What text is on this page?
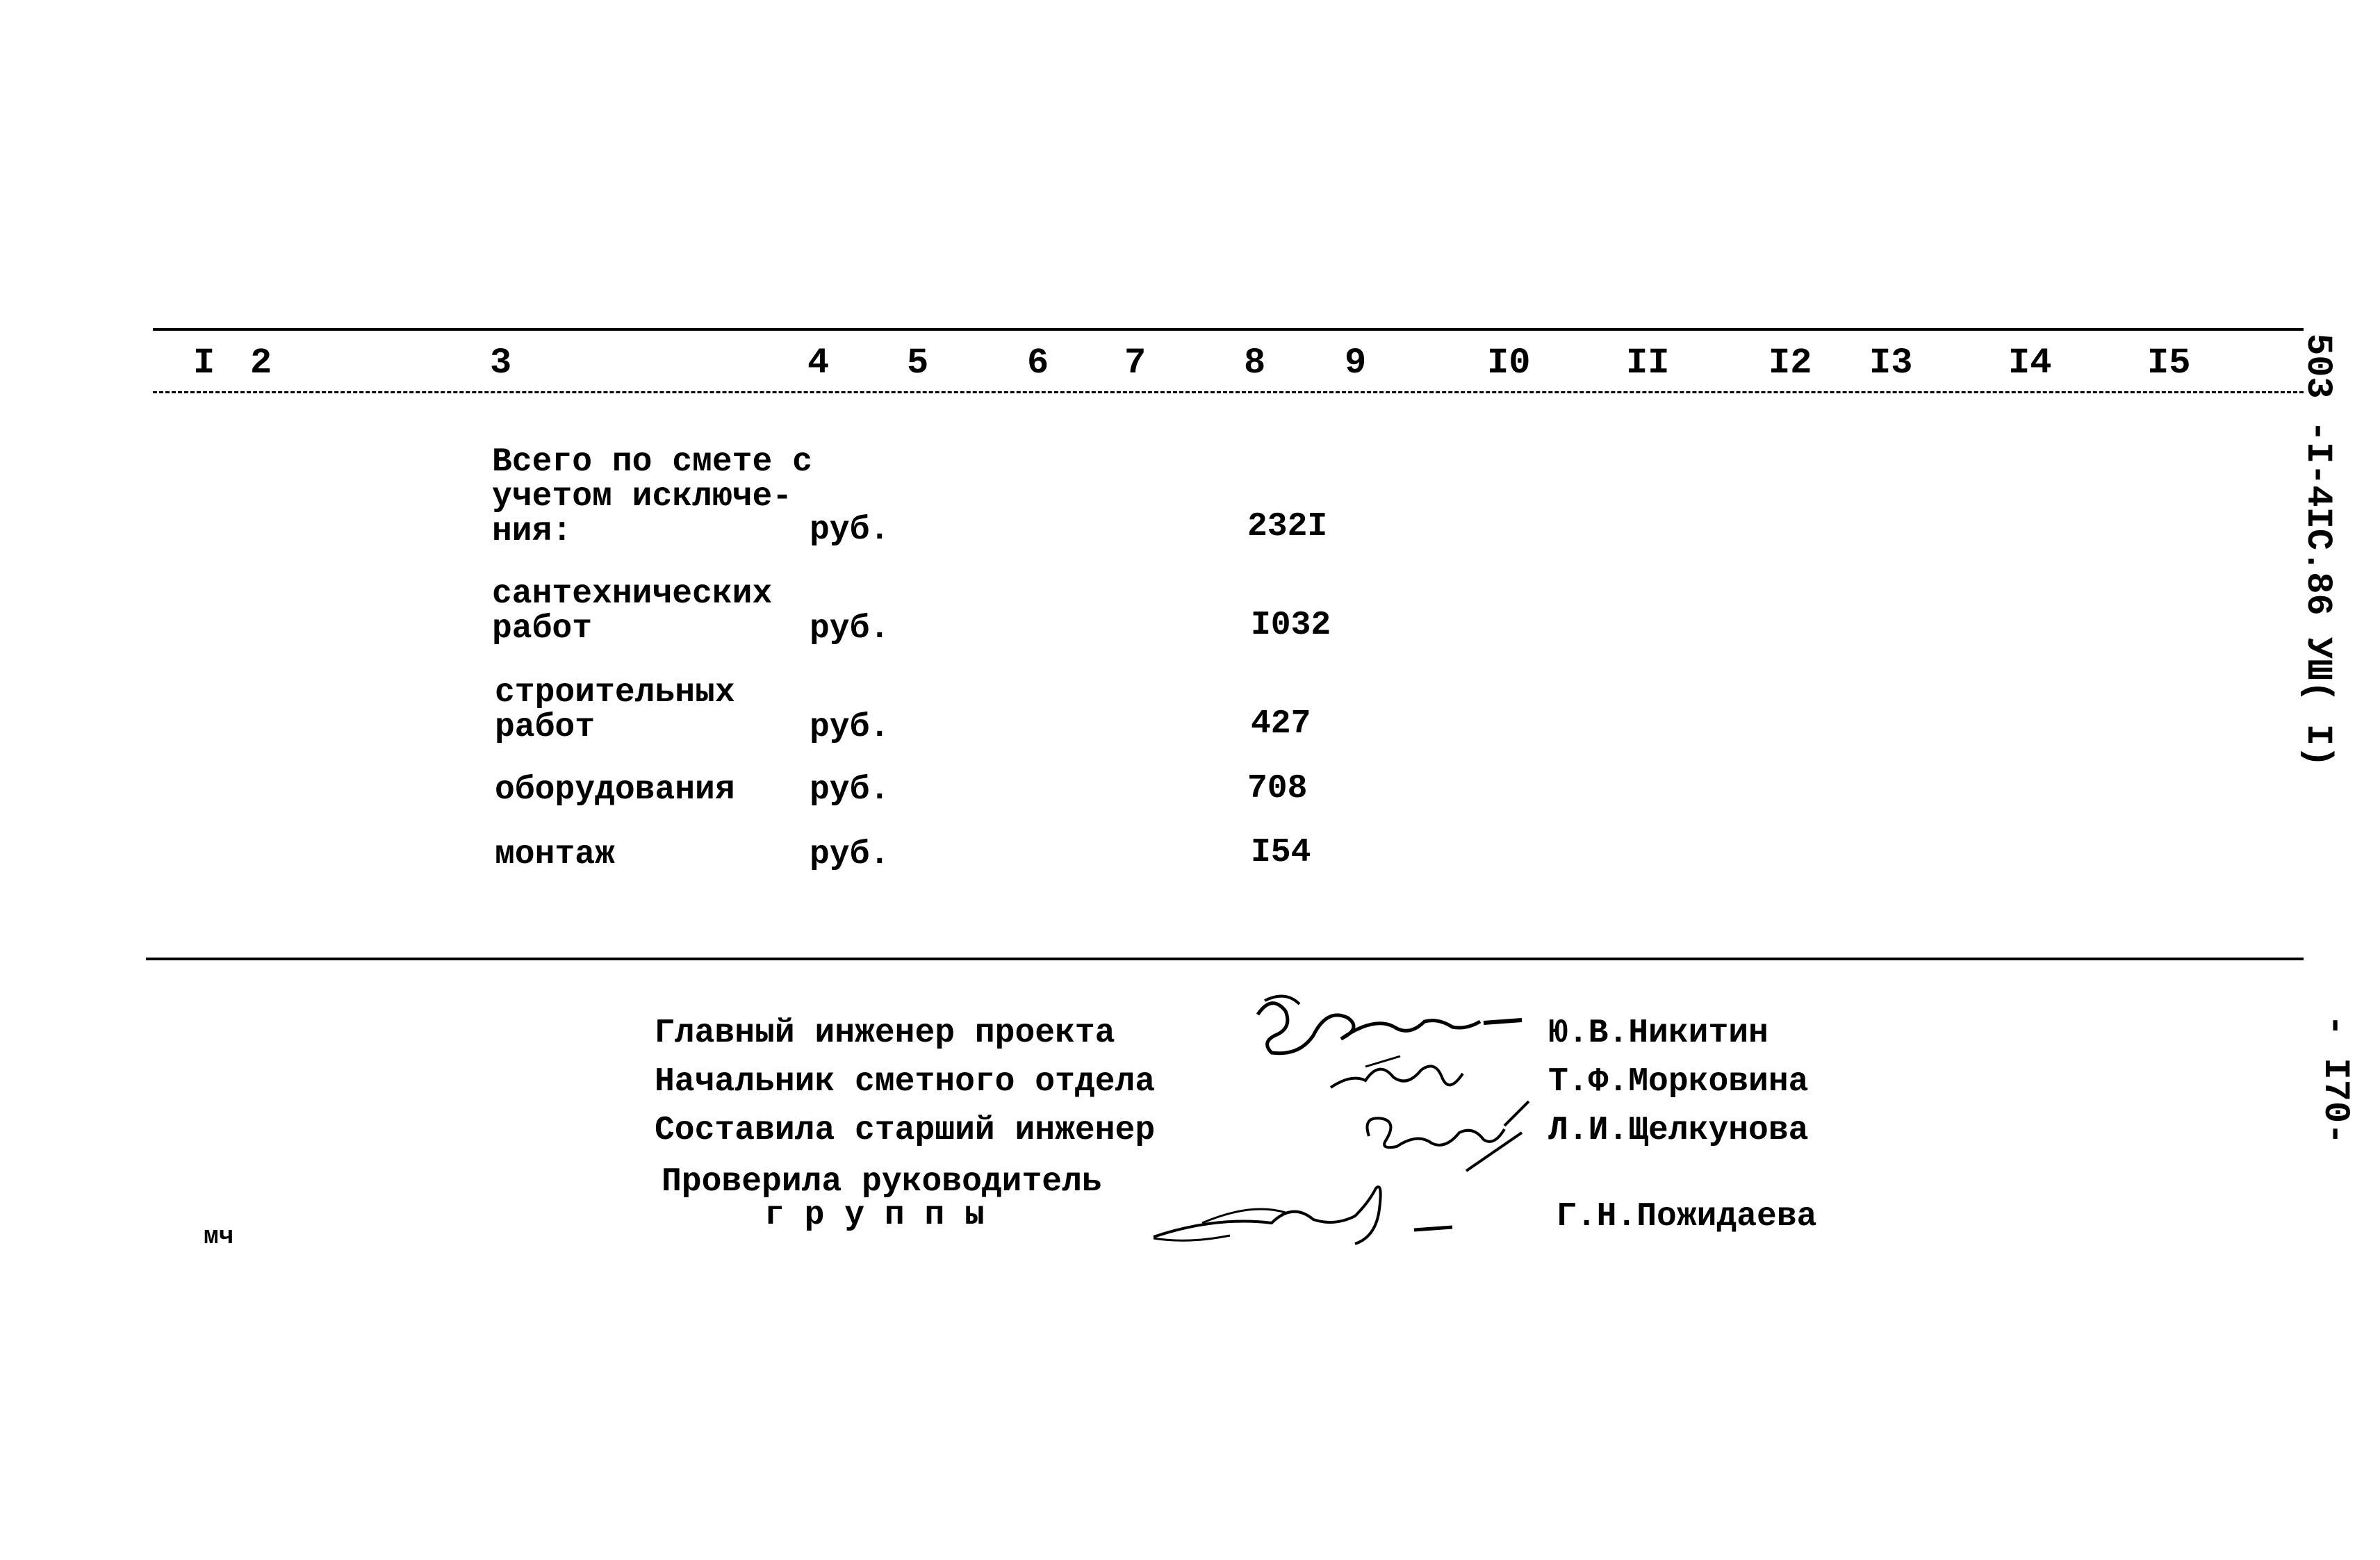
I 2	3	4 5	6 7	8 9	I0	II	I2 I3	I4	I5
Всего по смете с учетом исключе-ния:	руб.	232I
сантехнических работ	руб.	I032
строительных работ	руб.	427
оборудования	руб.	708
монтаж	руб.	I54
503 -I-4IC.86 УШ( I)
- I70-
Главный инженер проекта	Ю.В.Никитин
Начальник сметного отдела	Т.Ф.Морковина
Составила старший инженер	Л.И.Щелкунова
Проверила руководитель
г р у п п ы	Г.Н.Пожидаева
мч
